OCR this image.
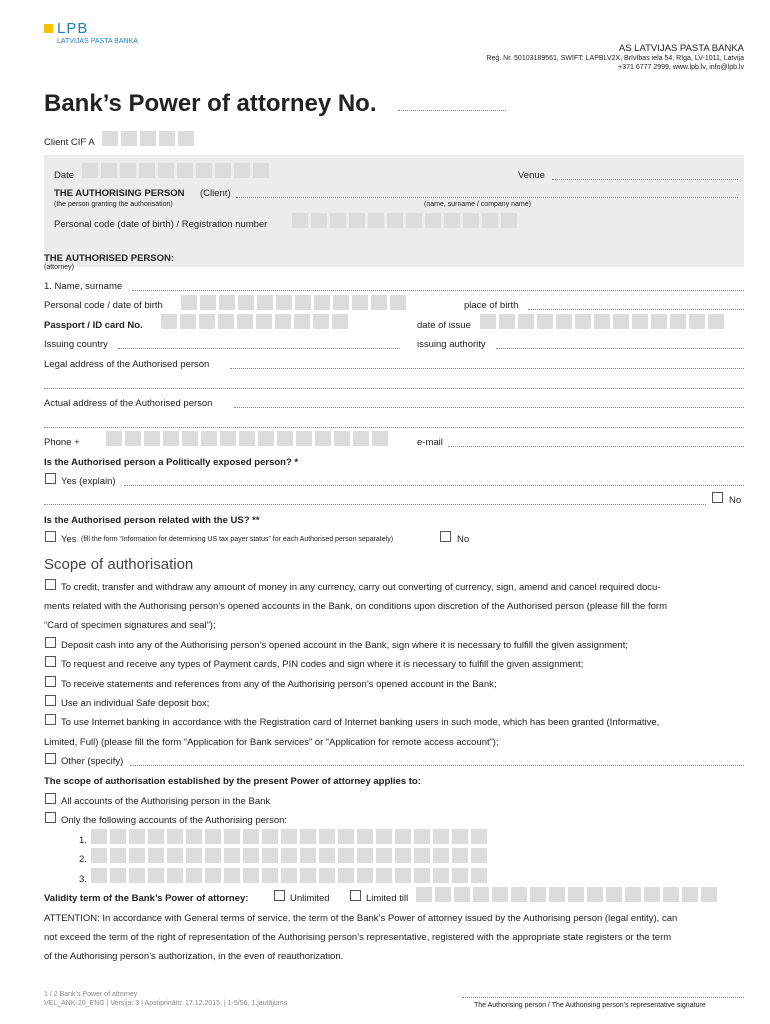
LPB
LATVIJAS PASTA BANKA
AS LATVIJAS PASTA BANKA
Reģ. Nr. 50103189561, SWIFT: LAPBLV2X, Brīvības iela 54, Rīga, LV-1011, Latvija
+371 6777 2999, www.lpb.lv, info@lpb.lv
Bank’s Power of attorney No.
Client CIF A
Date	Venue
THE AUTHORISING PERSON (Client)
(the person granting the authorisation)	(name, surname / company name)
Personal code (date of birth) / Registration number
THE AUTHORISED PERSON:
(attorney)
1. Name, surname
Personal code / date of birth	place of birth
Passport / ID card No.	date of issue
Issuing country	issuing authority
Legal address of the Authorised person
Actual address of the Authorised person
Phone +	e-mail
Is the Authorised person a Politically exposed person? *
Yes (explain)
No
Is the Authorised person related with the US? **
Yes (fill the form “Information for determining US tax payer status” for each Authorised person separately)	No
Scope of authorisation
To credit, transfer and withdraw any amount of money in any currency, carry out converting of currency, sign, amend and cancel required docu-
ments related with the Authorising person’s opened accounts in the Bank, on conditions upon discretion of the Authorised person (please fill the form
“Card of specimen signatures and seal”);
Deposit cash into any of the Authorising person’s opened account in the Bank, sign where it is necessary to fulfill the given assignment;
To request and receive any types of Payment cards, PIN codes and sign where it is necessary to fulfill the given assignment;
To receive statements and references from any of the Authorising person’s opened account in the Bank;
Use an individual Safe deposit box;
To use Internet banking in accordance with the Registration card of Internet banking users in such mode, which has been granted (Informative,
Limited, Full) (please fill the form “Application for Bank services” or “Application for remote access account”);
Other (specify)
The scope of authorisation established by the present Power of attorney applies to:
All accounts of the Authorising person in the Bank
Only the following accounts of the Authorising person:
1.
2.
3.
Validity term of the Bank’s Power of attorney:	Unlimited	Limited till
ATTENTION: In accordance with General terms of service, the term of the Bank’s Power of attorney issued by the Authorising person (legal entity), can
not exceed the term of the right of representation of the Authorising person’s representative, registered with the appropriate state registers or the term
of the Authorising person’s authorization, in the even of reauthorization.
1 / 2 Bank’s Power of attorney
VEL_ANK-20_ENG | Versija: 3 | Apstiprināts: 17.12.2015. | 1-5/56, 1.jautājums	The Authorising person / The Authorising person’s representative signature
